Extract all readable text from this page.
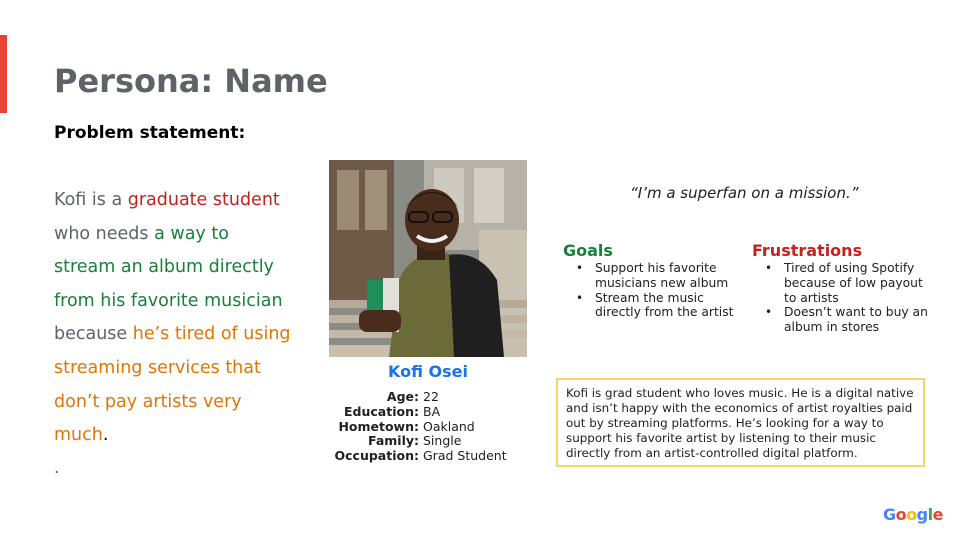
Persona: Name
Problem statement:

Kofi is a graduate student who needs a way to stream an album directly from his favorite musician because he’s tired of using streaming services that don’t pay artists very much.

.
Kofi Osei
Age: 22
Education: BA
Hometown: Oakland
Family: Single
Occupation: Grad Student
“I’m a superfan on a mission.”
Goals	Frustrations
• Support his favorite musicians new album
• Stream the music directly from the artist
• Tired of using Spotify because of low payout to artists
• Doesn’t want to buy an album in stores
Kofi is grad student who loves music. He is a digital native and isn’t happy with the economics of artist royalties paid out by streaming platforms. He’s looking for a way to support his favorite artist by listening to their music directly from an artist-controlled digital platform.
Google
